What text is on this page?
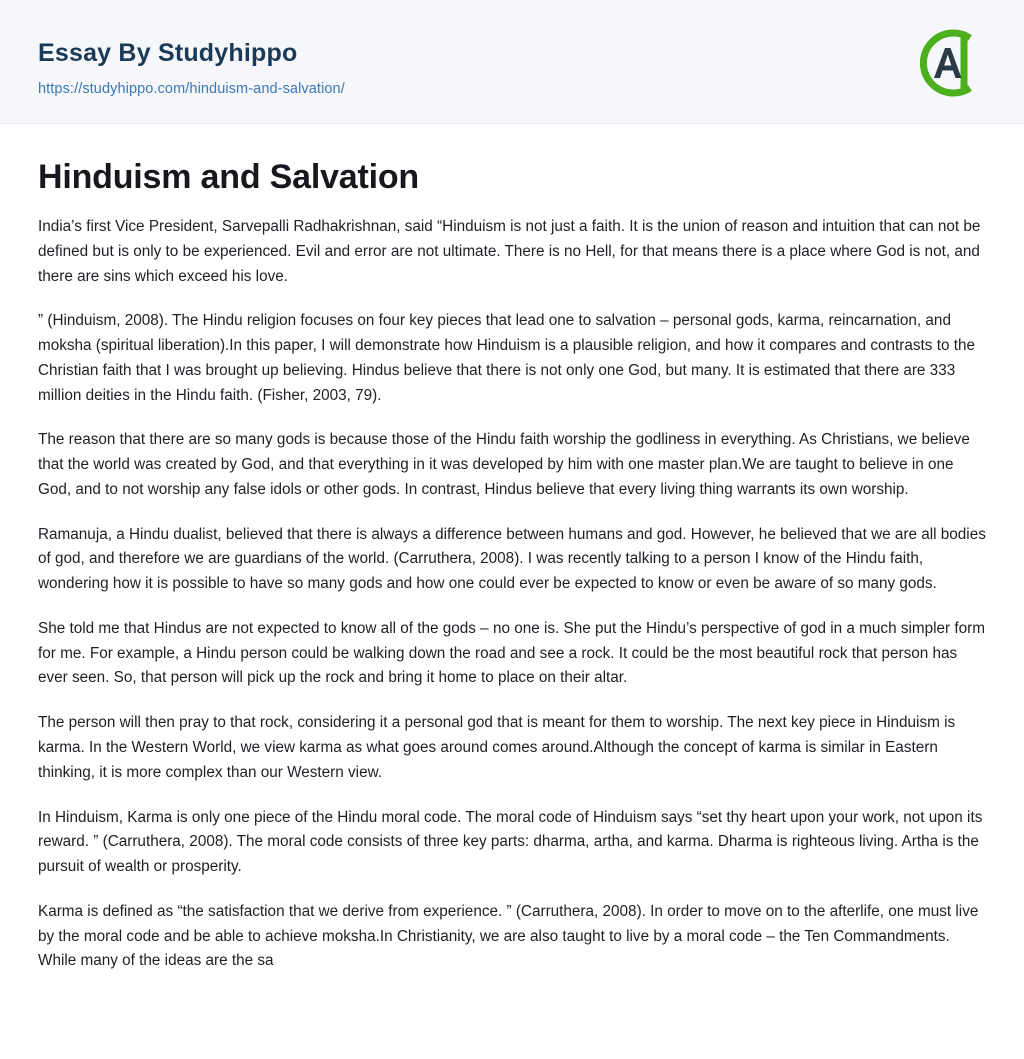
Essay By Studyhippo
https://studyhippo.com/hinduism-and-salvation/
Hinduism and Salvation

India’s first Vice President, Sarvepalli Radhakrishnan, said “Hinduism is not just a faith. It is the union of reason and intuition that can not be defined but is only to be experienced. Evil and error are not ultimate. There is no Hell, for that means there is a place where God is not, and there are sins which exceed his love.

” (Hinduism, 2008). The Hindu religion focuses on four key pieces that lead one to salvation – personal gods, karma, reincarnation, and moksha (spiritual liberation).In this paper, I will demonstrate how Hinduism is a plausible religion, and how it compares and contrasts to the Christian faith that I was brought up believing. Hindus believe that there is not only one God, but many. It is estimated that there are 333 million deities in the Hindu faith. (Fisher, 2003, 79).

The reason that there are so many gods is because those of the Hindu faith worship the godliness in everything. As Christians, we believe that the world was created by God, and that everything in it was developed by him with one master plan.We are taught to believe in one God, and to not worship any false idols or other gods. In contrast, Hindus believe that every living thing warrants its own worship.

Ramanuja, a Hindu dualist, believed that there is always a difference between humans and god. However, he believed that we are all bodies of god, and therefore we are guardians of the world. (Carruthera, 2008). I was recently talking to a person I know of the Hindu faith, wondering how it is possible to have so many gods and how one could ever be expected to know or even be aware of so many gods.

She told me that Hindus are not expected to know all of the gods – no one is. She put the Hindu’s perspective of god in a much simpler form for me. For example, a Hindu person could be walking down the road and see a rock. It could be the most beautiful rock that person has ever seen. So, that person will pick up the rock and bring it home to place on their altar.

The person will then pray to that rock, considering it a personal god that is meant for them to worship. The next key piece in Hinduism is karma. In the Western World, we view karma as what goes around comes around.Although the concept of karma is similar in Eastern thinking, it is more complex than our Western view.

In Hinduism, Karma is only one piece of the Hindu moral code. The moral code of Hinduism says “set thy heart upon your work, not upon its reward. ” (Carruthera, 2008). The moral code consists of three key parts: dharma, artha, and karma. Dharma is righteous living. Artha is the pursuit of wealth or prosperity.

Karma is defined as “the satisfaction that we derive from experience. ” (Carruthera, 2008). In order to move on to the afterlife, one must live by the moral code and be able to achieve moksha.In Christianity, we are also taught to live by a moral code – the Ten Commandments. While many of the ideas are the sa
